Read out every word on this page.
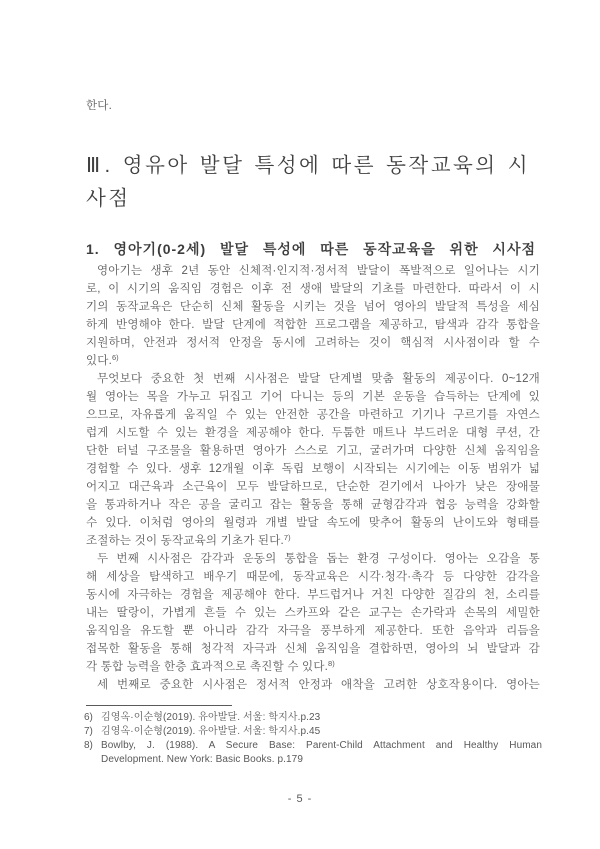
한다.
Ⅲ. 영유아 발달 특성에 따른 동작교육의 시
사점
1. 영아기(0-2세) 발달 특성에 따른 동작교육을 위한 시사점
영아기는 생후 2년 동안 신체적·인지적·정서적 발달이 폭발적으로 일어나는 시기
로, 이 시기의 움직임 경험은 이후 전 생애 발달의 기초를 마련한다. 따라서 이 시
기의 동작교육은 단순히 신체 활동을 시키는 것을 넘어 영아의 발달적 특성을 세심
하게 반영해야 한다. 발달 단계에 적합한 프로그램을 제공하고, 탐색과 감각 통합을
지원하며, 안전과 정서적 안정을 동시에 고려하는 것이 핵심적 시사점이라 할 수
있다.$^{6)}$
무엇보다 중요한 첫 번째 시사점은 발달 단계별 맞춤 활동의 제공이다. 0~12개
월 영아는 목을 가누고 뒤집고 기어 다니는 등의 기본 운동을 습득하는 단계에 있
으므로, 자유롭게 움직일 수 있는 안전한 공간을 마련하고 기기나 구르기를 자연스
럽게 시도할 수 있는 환경을 제공해야 한다. 두툼한 매트나 부드러운 대형 쿠션, 간
단한 터널 구조물을 활용하면 영아가 스스로 기고, 굴러가며 다양한 신체 움직임을
경험할 수 있다. 생후 12개월 이후 독립 보행이 시작되는 시기에는 이동 범위가 넓
어지고 대근육과 소근육이 모두 발달하므로, 단순한 걷기에서 나아가 낮은 장애물
을 통과하거나 작은 공을 굴리고 잡는 활동을 통해 균형감각과 협응 능력을 강화할
수 있다. 이처럼 영아의 월령과 개별 발달 속도에 맞추어 활동의 난이도와 형태를
조절하는 것이 동작교육의 기초가 된다.$^{7)}$
두 번째 시사점은 감각과 운동의 통합을 돕는 환경 구성이다. 영아는 오감을 통
해 세상을 탐색하고 배우기 때문에, 동작교육은 시각·청각·촉각 등 다양한 감각을
동시에 자극하는 경험을 제공해야 한다. 부드럽거나 거친 다양한 질감의 천, 소리를
내는 딸랑이, 가볍게 흔들 수 있는 스카프와 같은 교구는 손가락과 손목의 세밀한
움직임을 유도할 뿐 아니라 감각 자극을 풍부하게 제공한다. 또한 음악과 리듬을
접목한 활동을 통해 청각적 자극과 신체 움직임을 결합하면, 영아의 뇌 발달과 감
각 통합 능력을 한층 효과적으로 촉진할 수 있다.$^{8)}$
세 번째로 중요한 시사점은 정서적 안정과 애착을 고려한 상호작용이다. 영아는
6) 김영옥·이순형(2019). 유아발달. 서울: 학지사.p.23
7) 김영옥·이순형(2019). 유아발달. 서울: 학지사.p.45
8) Bowlby, J. (1988). A Secure Base: Parent-Child Attachment and Healthy Human
Development. New York: Basic Books. p.179
- 5 -
